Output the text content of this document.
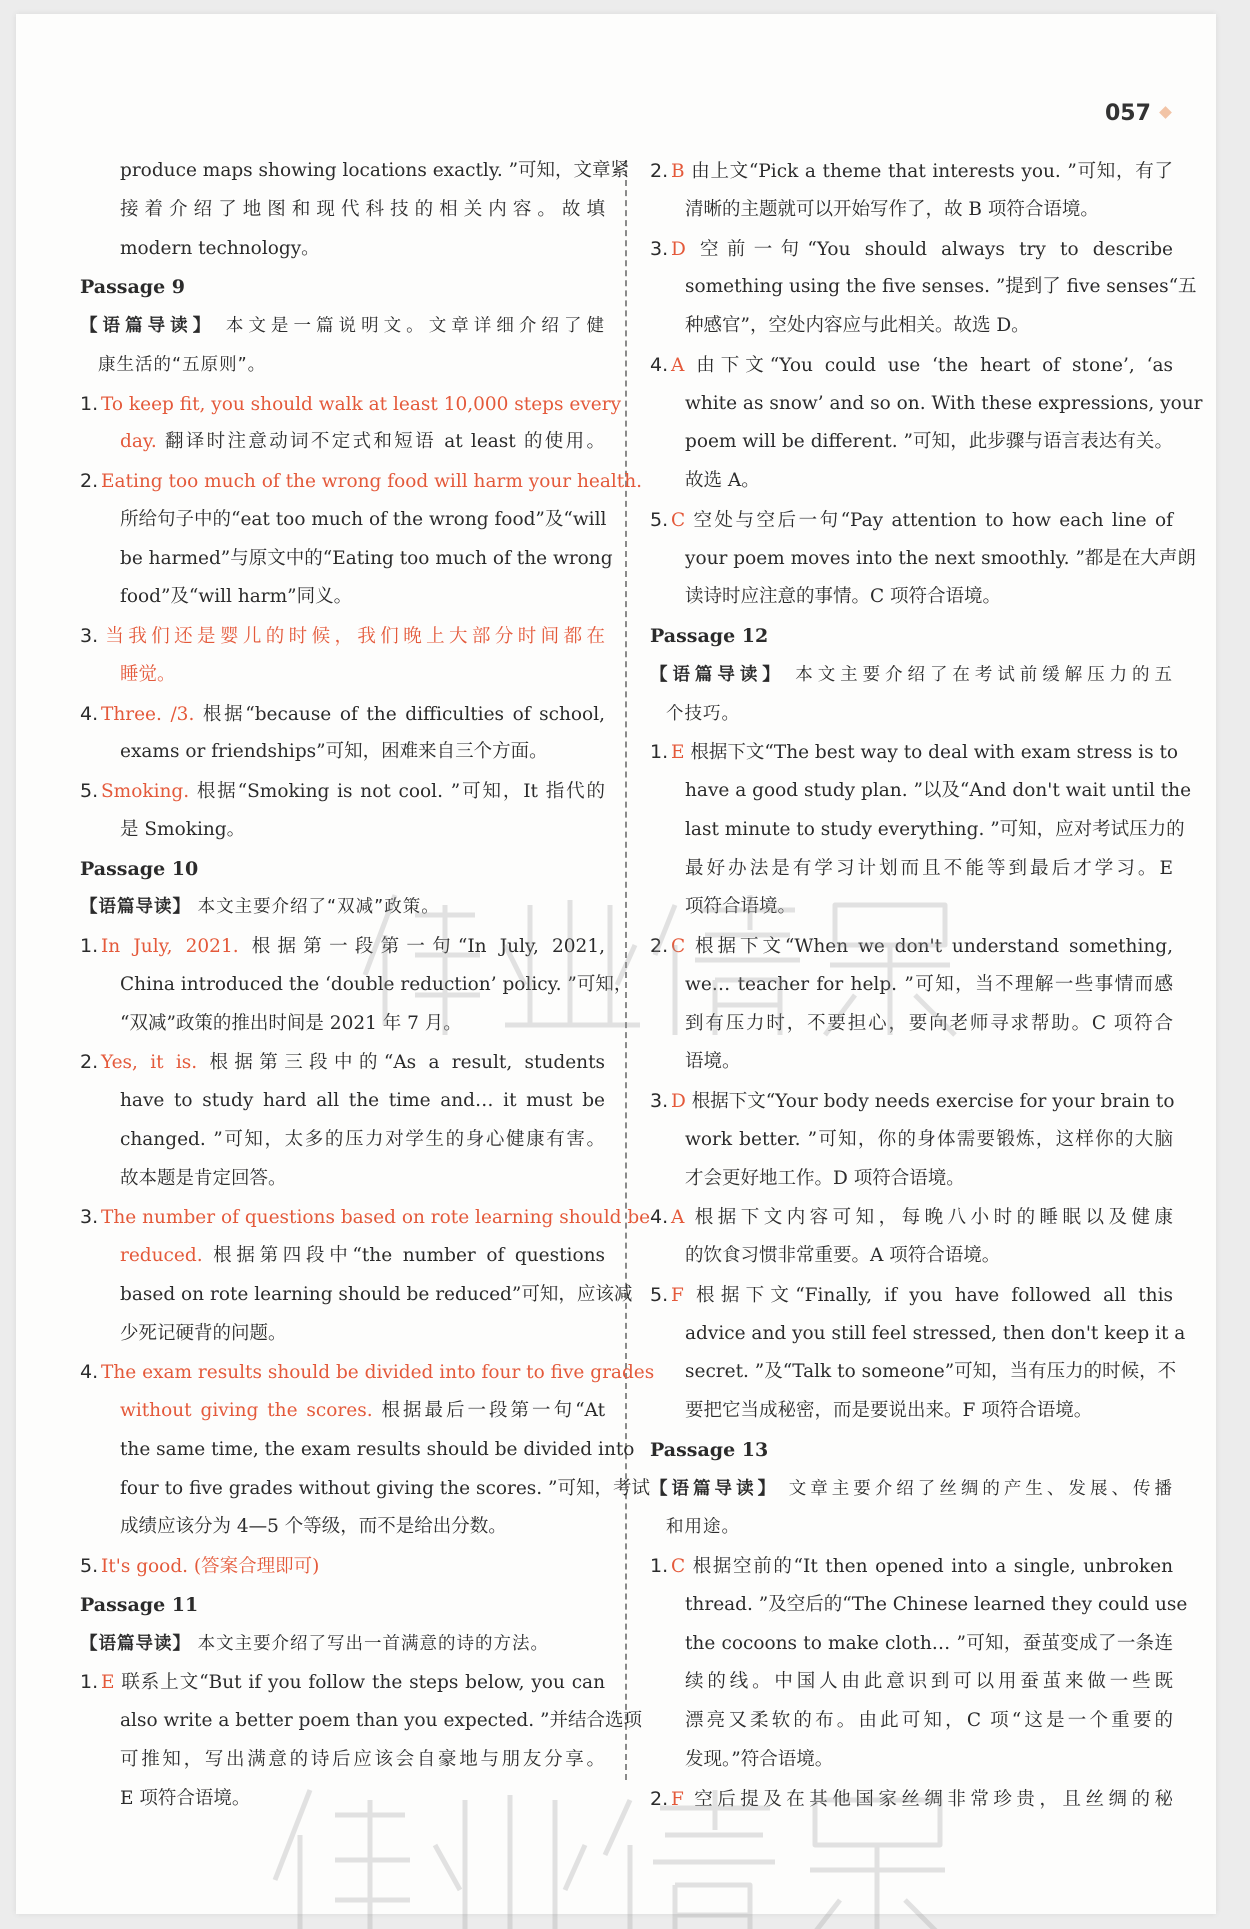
057
produce maps showing locations exactly. ”可知，文章紧
接着介绍了地图和现代科技的相关内容。故填
modern technology。
Passage 9
【语篇导读】 本文是一篇说明文。文章详细介绍了健
康生活的“五原则”。
1. To keep fit, you should walk at least 10,000 steps every
day. 翻译时注意动词不定式和短语 at least 的使用。
2. Eating too much of the wrong food will harm your health.
所给句子中的“eat too much of the wrong food”及“will
be harmed”与原文中的“Eating too much of the wrong
food”及“will harm”同义。
3. 当我们还是婴儿的时候，我们晚上大部分时间都在
睡觉。
4. Three. /3. 根据“because of the difficulties of school,
exams or friendships”可知，困难来自三个方面。
5. Smoking. 根据“Smoking is not cool. ”可知，It 指代的
是 Smoking。
Passage 10
【语篇导读】 本文主要介绍了“双减”政策。
1. In July, 2021. 根据第一段第一句“In July, 2021,
China introduced the ‘double reduction’ policy. ”可知，
“双减”政策的推出时间是 2021 年 7 月。
2. Yes, it is. 根据第三段中的“As a result, students
have to study hard all the time and… it must be
changed. ”可知，太多的压力对学生的身心健康有害。
故本题是肯定回答。
3. The number of questions based on rote learning should be
reduced. 根据第四段中“the number of questions
based on rote learning should be reduced”可知，应该减
少死记硬背的问题。
4. The exam results should be divided into four to five grades
without giving the scores. 根据最后一段第一句“At
the same time, the exam results should be divided into
four to five grades without giving the scores. ”可知，考试
成绩应该分为 4—5 个等级，而不是给出分数。
5. It's good. (答案合理即可)
Passage 11
【语篇导读】 本文主要介绍了写出一首满意的诗的方法。
1. E 联系上文“But if you follow the steps below, you can
also write a better poem than you expected. ”并结合选项
可推知，写出满意的诗后应该会自豪地与朋友分享。
E 项符合语境。
2. B 由上文“Pick a theme that interests you. ”可知，有了
清晰的主题就可以开始写作了，故 B 项符合语境。
3. D 空前一句“You should always try to describe
something using the five senses. ”提到了 five senses“五
种感官”，空处内容应与此相关。故选 D。
4. A 由下文“You could use ‘the heart of stone’, ‘as
white as snow’ and so on. With these expressions, your
poem will be different. ”可知，此步骤与语言表达有关。
故选 A。
5. C 空处与空后一句“Pay attention to how each line of
your poem moves into the next smoothly. ”都是在大声朗
读诗时应注意的事情。C 项符合语境。
Passage 12
【语篇导读】 本文主要介绍了在考试前缓解压力的五
个技巧。
1. E 根据下文“The best way to deal with exam stress is to
have a good study plan. ”以及“And don't wait until the
last minute to study everything. ”可知，应对考试压力的
最好办法是有学习计划而且不能等到最后才学习。E
项符合语境。
2. C 根据下文“When we don't understand something,
we… teacher for help. ”可知，当不理解一些事情而感
到有压力时，不要担心，要向老师寻求帮助。C 项符合
语境。
3. D 根据下文“Your body needs exercise for your brain to
work better. ”可知，你的身体需要锻炼，这样你的大脑
才会更好地工作。D 项符合语境。
4. A 根据下文内容可知，每晚八小时的睡眠以及健康
的饮食习惯非常重要。A 项符合语境。
5. F 根据下文“Finally, if you have followed all this
advice and you still feel stressed, then don't keep it a
secret. ”及“Talk to someone”可知，当有压力的时候，不
要把它当成秘密，而是要说出来。F 项符合语境。
Passage 13
【语篇导读】 文章主要介绍了丝绸的产生、发展、传播
和用途。
1. C 根据空前的“It then opened into a single, unbroken
thread. ”及空后的“The Chinese learned they could use
the cocoons to make cloth… ”可知，蚕茧变成了一条连
续的线。中国人由此意识到可以用蚕茧来做一些既
漂亮又柔软的布。由此可知，C 项“这是一个重要的
发现。”符合语境。
2. F 空后提及在其他国家丝绸非常珍贵，且丝绸的秘
